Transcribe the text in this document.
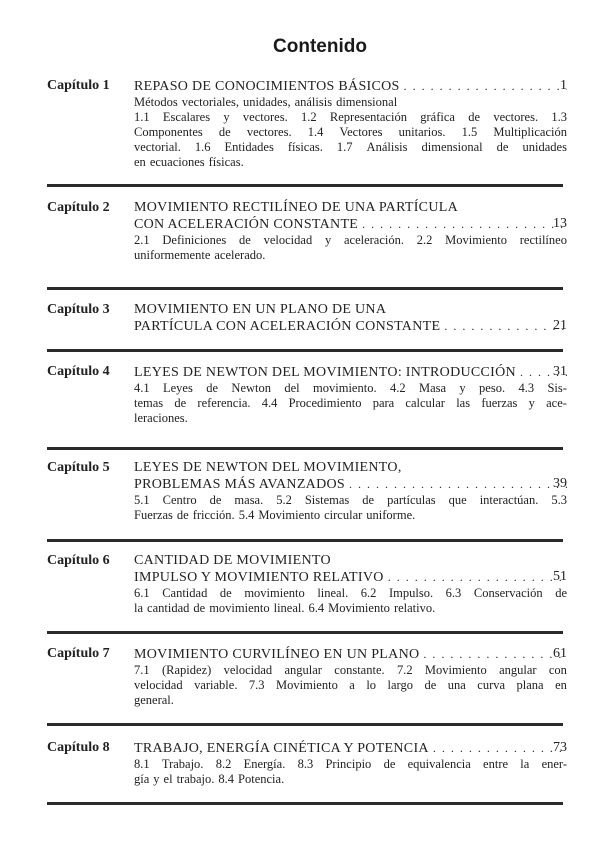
Contenido
Capítulo 1 REPASO DE CONOCIMIENTOS BÁSICOS
. . .
Métodos vectoriales, unidades, análisis dimensional
1.1 Escalares y vectores. 1.2 Representación gráfica de vectores. 1.3
Componentes de vectores. 1.4 Vectores unitarios. 1.5 Multiplicación
vectorial. 1.6 Entidades físicas. 1.7 Análisis dimensional de unidades
en ecuaciones físicas.
1
Capítulo 2 MOVIMIENTO RECTILÍNEO DE UNA PARTÍCULA
CON ACELERACIÓN CONSTANTE
. . .
2.1 Definiciones de velocidad y aceleración. 2.2 Movimiento rectilíneo
uniformemente acelerado.
13
Capítulo 3 MOVIMIENTO EN UN PLANO DE UNA
PARTÍCULA CON ACELERACIÓN CONSTANTE . . .	21
Capítulo 4 LEYES DE NEWTON DEL MOVIMIENTO: INTRODUCCIÓN
. . .
4.1 Leyes de Newton del movimiento. 4.2 Masa y peso. 4.3 Sis-
temas de referencia. 4.4 Procedimiento para calcular las fuerzas y ace-
leraciones.
31
Capítulo 5 LEYES DE NEWTON DEL MOVIMIENTO,
PROBLEMAS MÁS AVANZADOS
. . .
5.1 Centro de masa. 5.2 Sistemas de partículas que interactúan. 5.3
Fuerzas de fricción. 5.4 Movimiento circular uniforme.
39
Capítulo 6 CANTIDAD DE MOVIMIENTO
IMPULSO Y MOVIMIENTO RELATIVO
. . .
6.1 Cantidad de movimiento lineal. 6.2 Impulso. 6.3 Conservación de
la cantidad de movimiento lineal. 6.4 Movimiento relativo.
51
Capítulo 7 MOVIMIENTO CURVILÍNEO EN UN PLANO
. . .
7.1 (Rapidez) velocidad angular constante. 7.2 Movimiento angular con
velocidad variable. 7.3 Movimiento a lo largo de una curva plana en
general.
61
Capítulo 8 TRABAJO, ENERGÍA CINÉTICA Y POTENCIA
. . .
8.1 Trabajo. 8.2 Energía. 8.3 Principio de equivalencia entre la ener-
gía y el trabajo. 8.4 Potencia.
73
